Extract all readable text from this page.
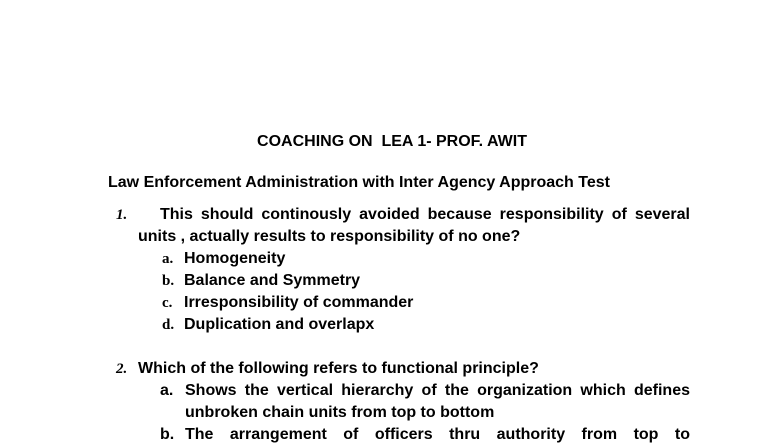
COACHING ON  LEA 1- PROF. AWIT
Law Enforcement Administration with Inter Agency Approach Test
1.	This should continously avoided because responsibility of several units , actually results to responsibility of no one?
a. Homogeneity
b. Balance and Symmetry
c. Irresponsibility of commander
d. Duplication and overlapx
2. Which of the following refers to functional principle?
a. Shows the vertical hierarchy of the organization which defines unbroken chain units from top to bottom
b. The arrangement of officers thru authority from top to
